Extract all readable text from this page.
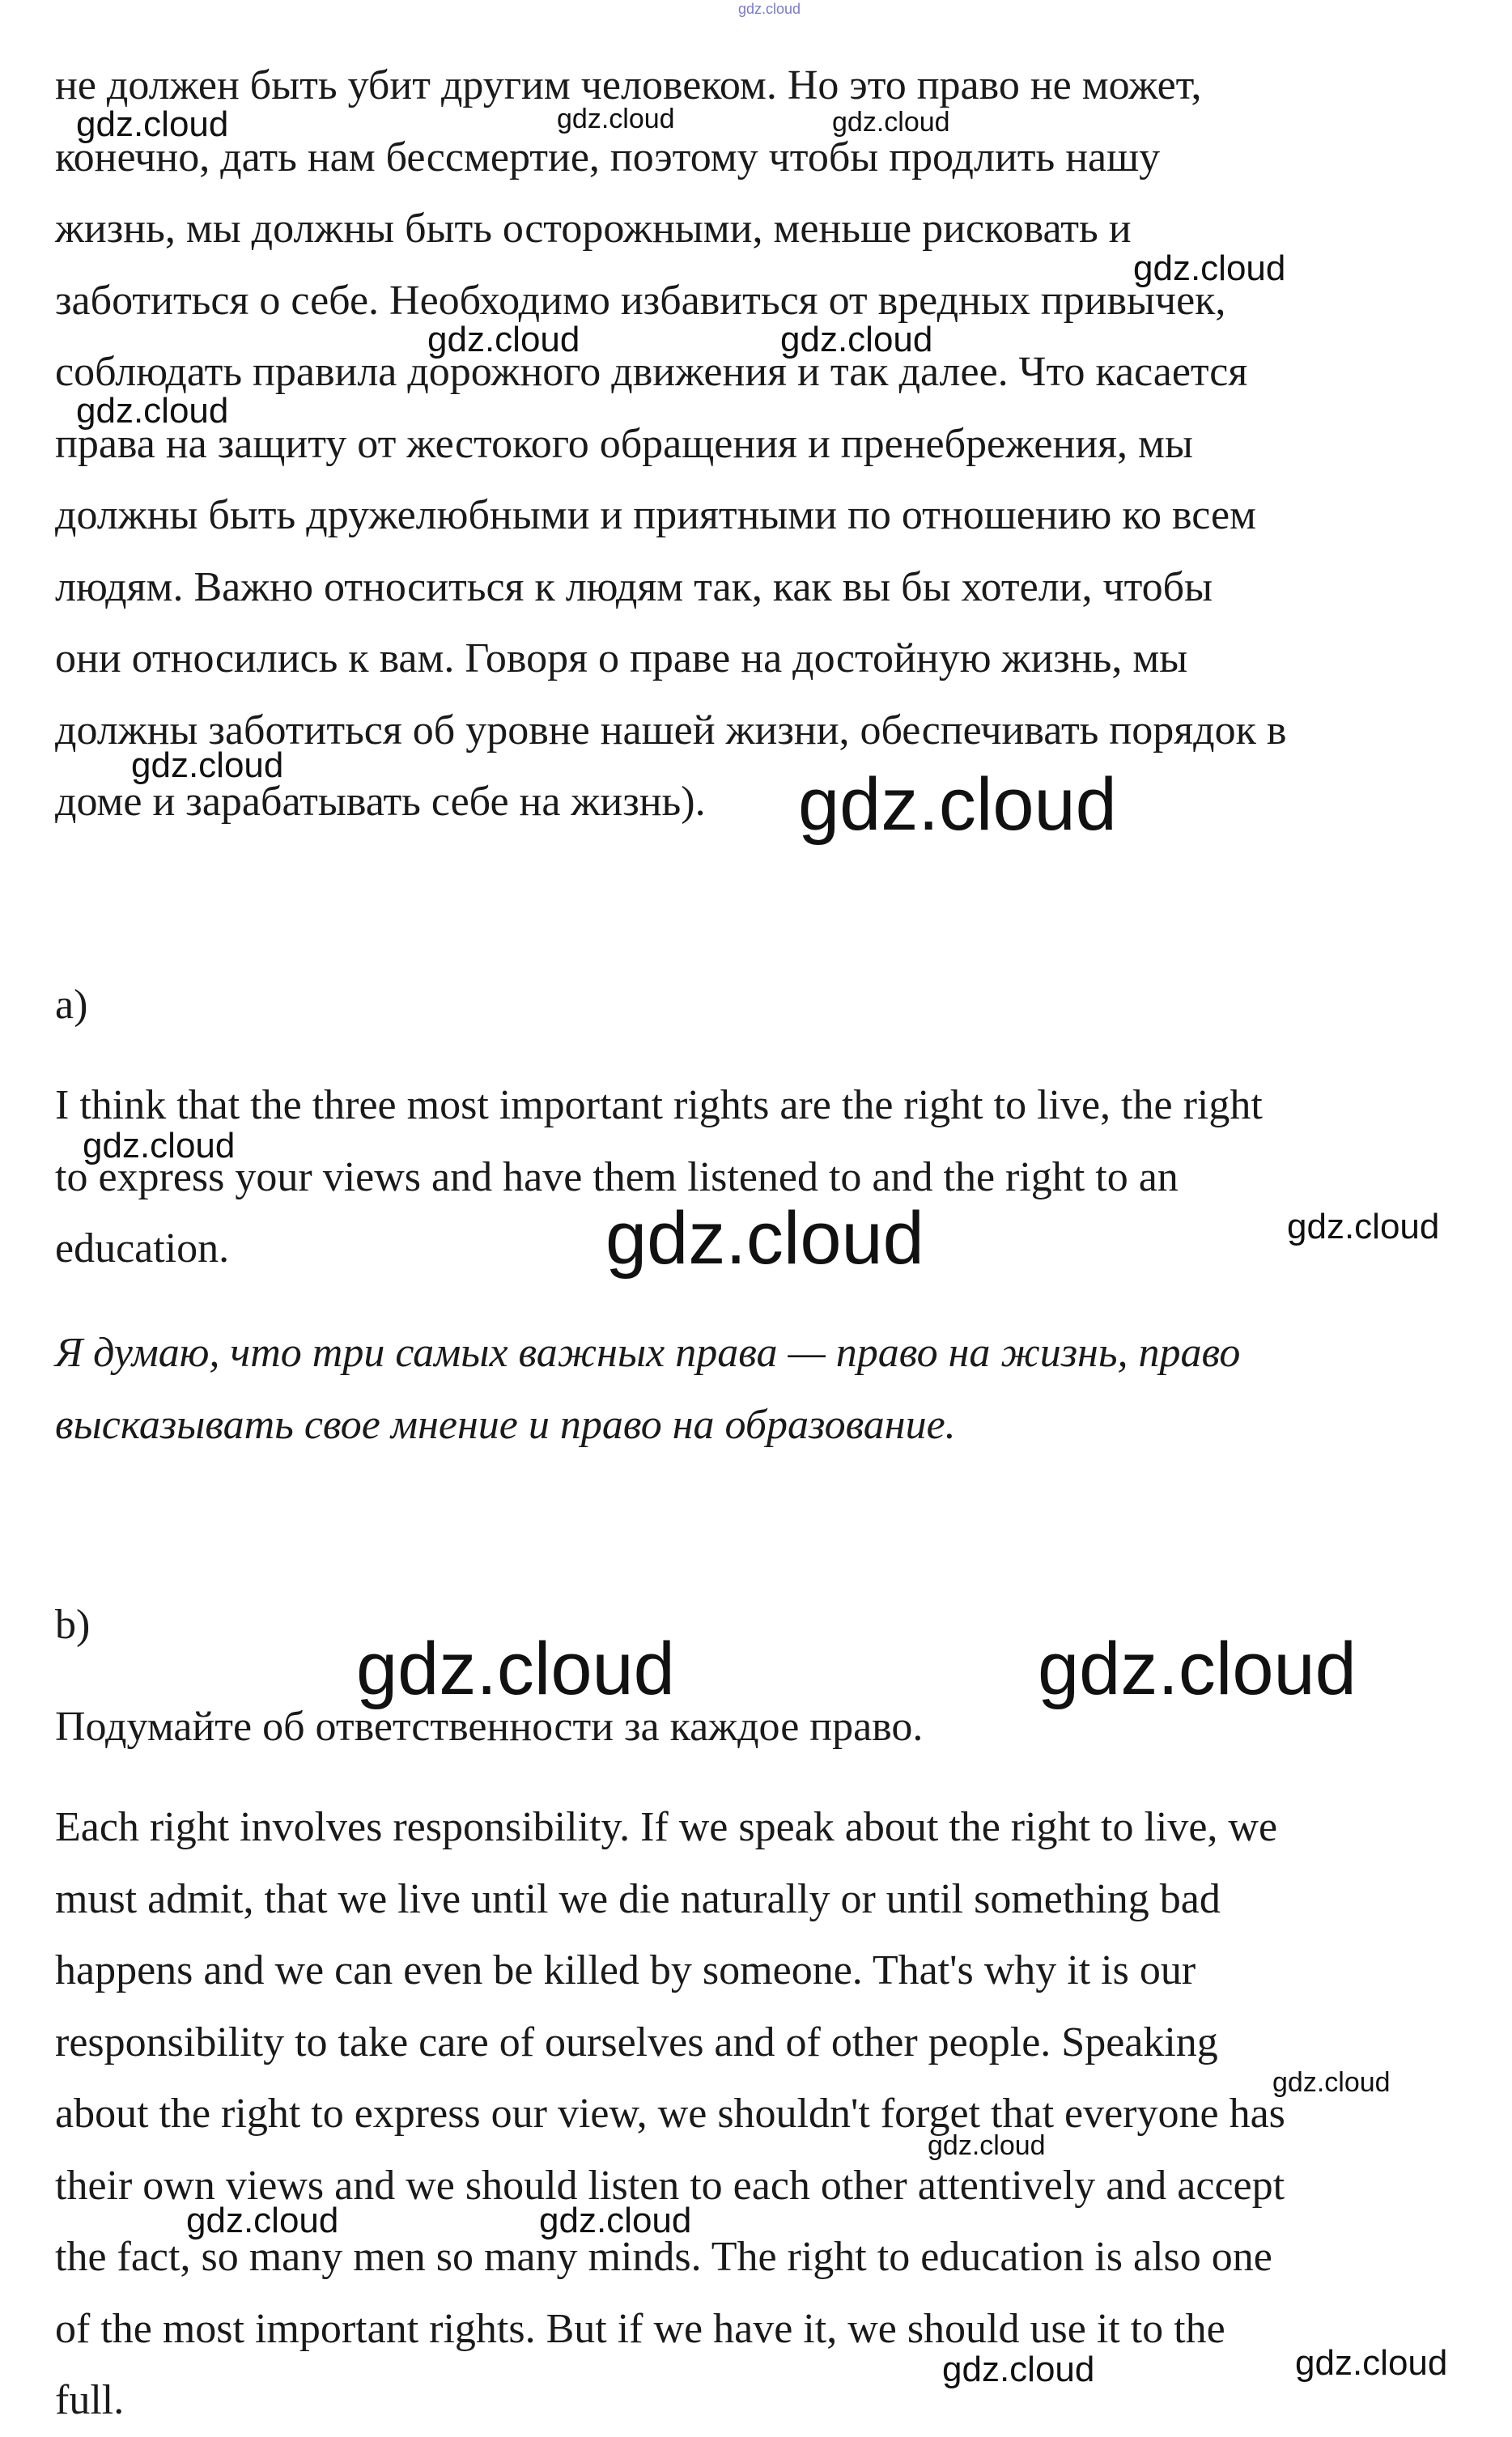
gdz.cloud
не должен быть убит другим человеком. Но это право не может,
конечно, дать нам бессмертие, поэтому чтобы продлить нашу
жизнь, мы должны быть осторожными, меньше рисковать и
заботиться о себе. Необходимо избавиться от вредных привычек,
соблюдать правила дорожного движения и так далее. Что касается
права на защиту от жестокого обращения и пренебрежения, мы
должны быть дружелюбными и приятными по отношению ко всем
людям. Важно относиться к людям так, как вы бы хотели, чтобы
они относились к вам. Говоря о праве на достойную жизнь, мы
должны заботиться об уровне нашей жизни, обеспечивать порядок в
доме и зарабатывать себе на жизнь).

a)

I think that the three most important rights are the right to live, the right
to express your views and have them listened to and the right to an
education.
Я думаю, что три самых важных права — право на жизнь, право
высказывать свое мнение и право на образование.

b)

Подумайте об ответственности за каждое право.
Each right involves responsibility. If we speak about the right to live, we
must admit, that we live until we die naturally or until something bad
happens and we can even be killed by someone. That's why it is our
responsibility to take care of ourselves and of other people. Speaking
about the right to express our view, we shouldn't forget that everyone has
their own views and we should listen to each other attentively and accept
the fact, so many men so many minds. The right to education is also one
of the most important rights. But if we have it, we should use it to the
full.
gdz.cloud	gdz.cloud	gdz.cloud
gdz.cloud
gdz.cloud	gdz.cloud
gdz.cloud
gdz.cloud	gdz.cloud
gdz.cloud
gdz.cloud	gdz.cloud
gdz.cloud	gdz.cloud
gdz.cloud
gdz.cloud
gdz.cloud	gdz.cloud
gdz.cloud	gdz.cloud
